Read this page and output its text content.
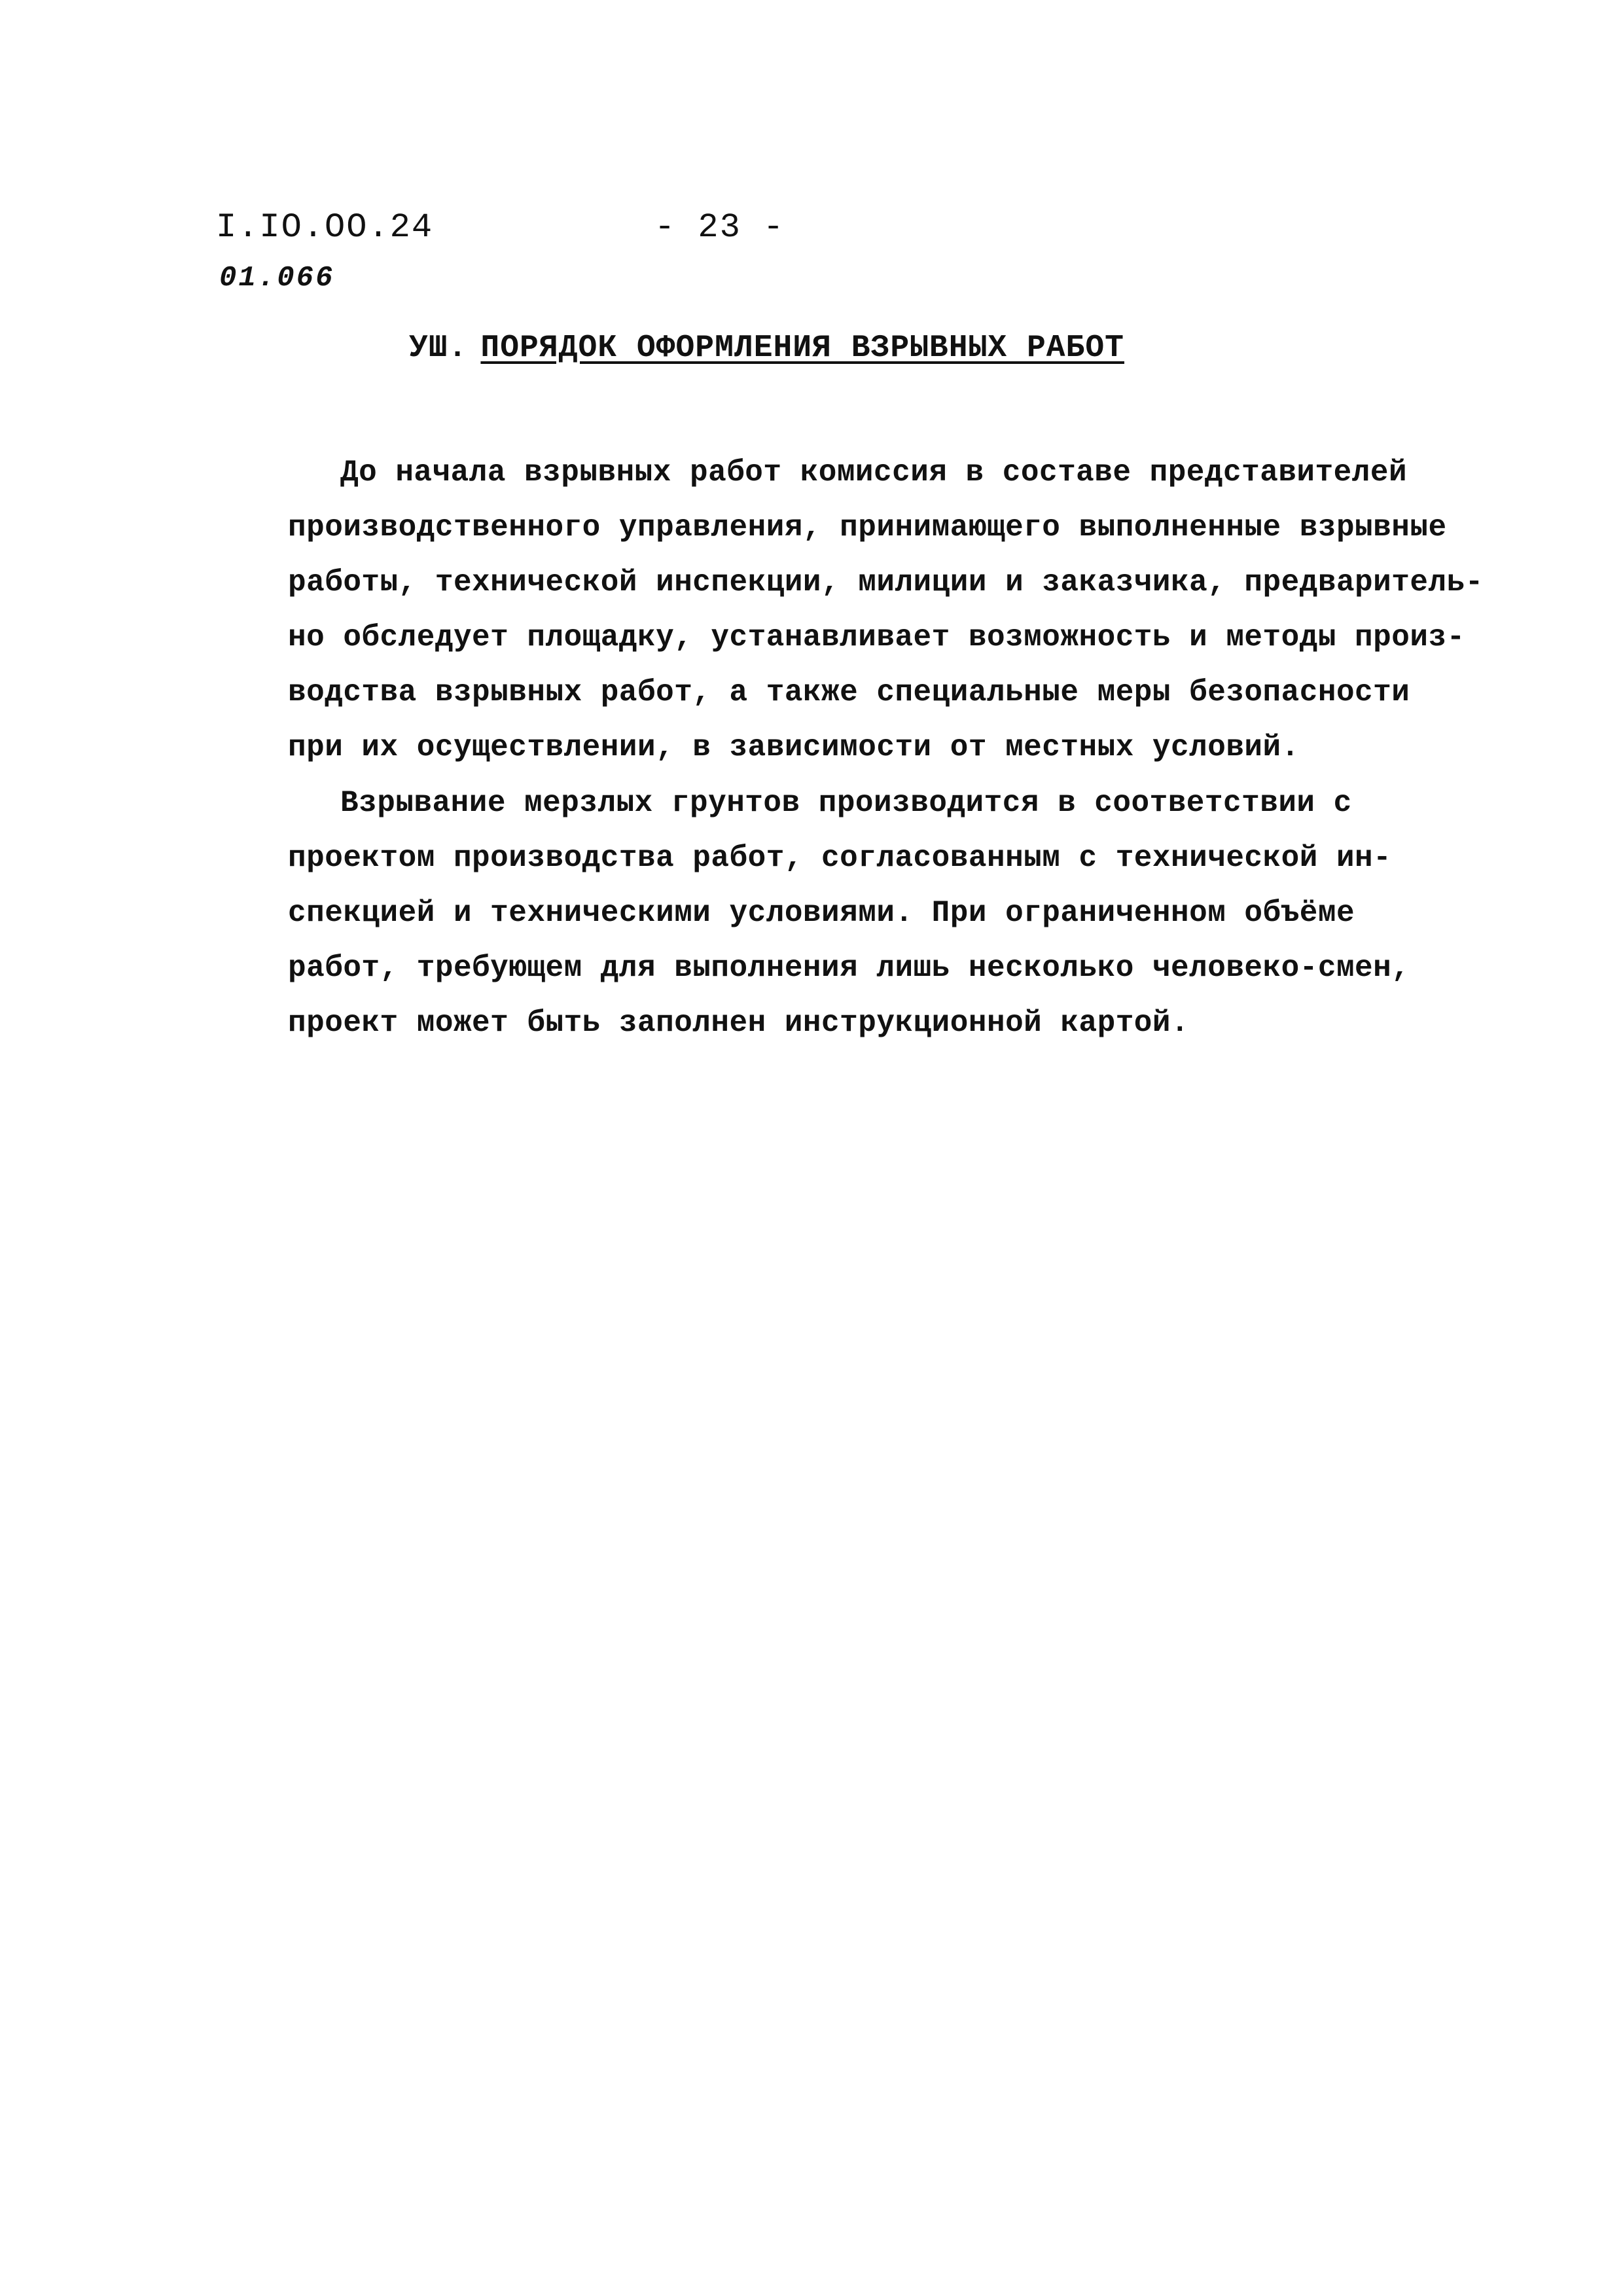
I.IO.OO.24
01.066
- 23 -
УШ. ПОРЯДОК ОФОРМЛЕНИЯ ВЗРЫВНЫХ РАБОТ
До начала взрывных работ комиссия в составе представителей
производственного управления, принимающего выполненные взрывные
работы, технической инспекции, милиции и заказчика, предваритель-
но обследует площадку, устанавливает возможность и методы произ-
водства взрывных работ, а также специальные меры безопасности
при их осуществлении, в зависимости от местных условий.
Взрывание мерзлых грунтов производится в соответствии с
проектом производства работ, согласованным с технической ин-
спекцией и техническими условиями. При ограниченном объёме
работ, требующем для выполнения лишь несколько человеко-смен,
проект может быть заполнен инструкционной картой.
